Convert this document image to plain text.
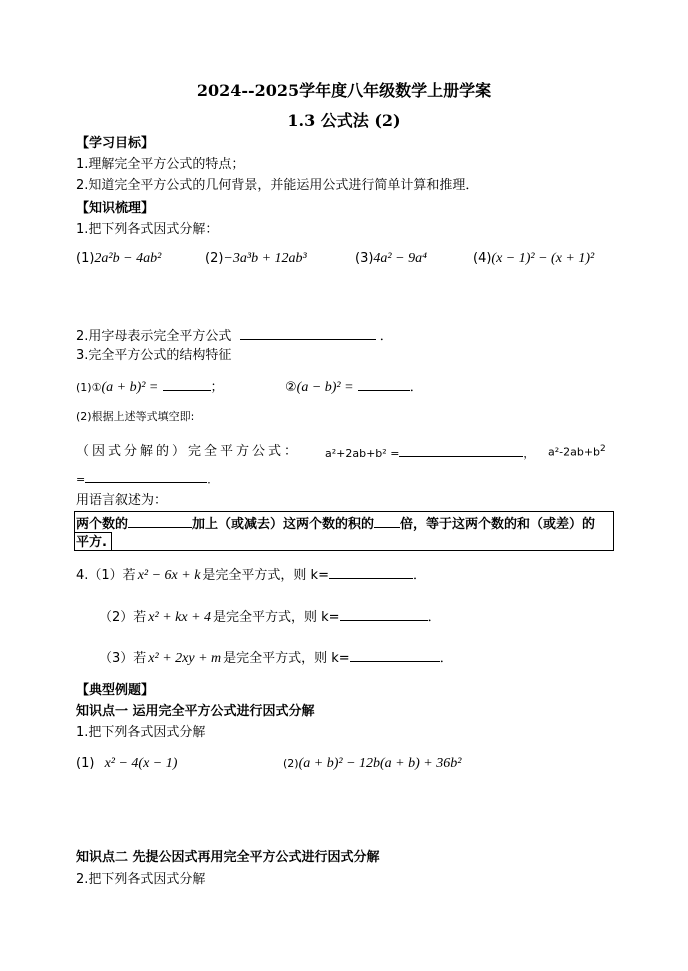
2024--2025学年度八年级数学上册学案
1.3 公式法 (2)
【学习目标】
1.理解完全平方公式的特点；
2.知道完全平方公式的几何背景，并能运用公式进行简单计算和推理．
【知识梳理】
1.把下列各式因式分解：
(1)2a²b − 4ab²	(2)−3a³b + 12ab³	(3)4a² − 9a⁴	(4)(x − 1)² − (x + 1)²
2.用字母表示完全平方公式	．
3.完全平方公式的结构特征
(1)①(a + b)² =	；	②(a − b)² =	．
(2)根据上述等式填空即:
（因式分解的）完全平方公式： a²+2ab+b² =	， $a^2-2ab+b^2$
=	．
用语言叙述为：
两个数的	加上（或减去）这两个数的积的 倍，等于这两个数的和（或差）的
平方.
4.（1）若 x² − 6x + k 是完全平方式，则 k=	．
（2）若 x² + kx + 4 是完全平方式，则 k=	．
（3）若 x² + 2xy + m 是完全平方式，则 k=	．
【典型例题】
知识点一 运用完全平方公式进行因式分解
1.把下列各式因式分解
(1) x² − 4(x − 1)	(2)(a + b)² − 12b(a + b) + 36b²
知识点二 先提公因式再用完全平方公式进行因式分解
2.把下列各式因式分解
